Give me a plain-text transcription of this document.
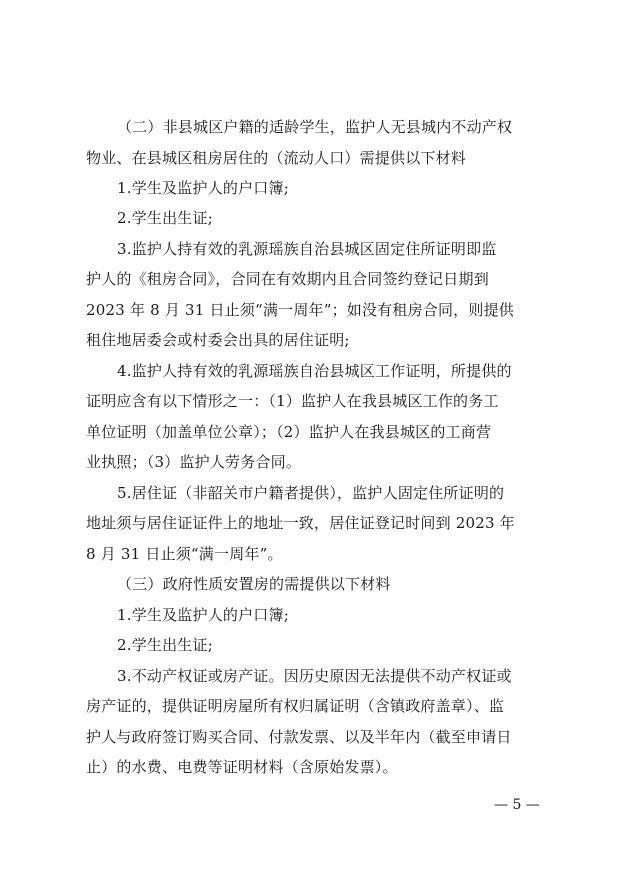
（二）非县城区户籍的适龄学生，监护人无县城内不动产权
物业、在县城区租房居住的（流动人口）需提供以下材料
1.学生及监护人的户口簿;
2.学生出生证;
3.监护人持有效的乳源瑶族自治县城区固定住所证明即监
护人的《租房合同》，合同在有效期内且合同签约登记日期到
2023 年 8 月 31 日止须“满一周年”；如没有租房合同，则提供
租住地居委会或村委会出具的居住证明;
4.监护人持有效的乳源瑶族自治县城区工作证明，所提供的
证明应含有以下情形之一：（1）监护人在我县城区工作的务工
单位证明（加盖单位公章）；（2）监护人在我县城区的工商营
业执照；（3）监护人劳务合同。
5.居住证（非韶关市户籍者提供），监护人固定住所证明的
地址须与居住证证件上的地址一致，居住证登记时间到 2023 年
8 月 31 日止须“满一周年”。
（三）政府性质安置房的需提供以下材料
1.学生及监护人的户口簿;
2.学生出生证;
3.不动产权证或房产证。因历史原因无法提供不动产权证或
房产证的，提供证明房屋所有权归属证明（含镇政府盖章）、监
护人与政府签订购买合同、付款发票、以及半年内（截至申请日
止）的水费、电费等证明材料（含原始发票）。
— 5 —
